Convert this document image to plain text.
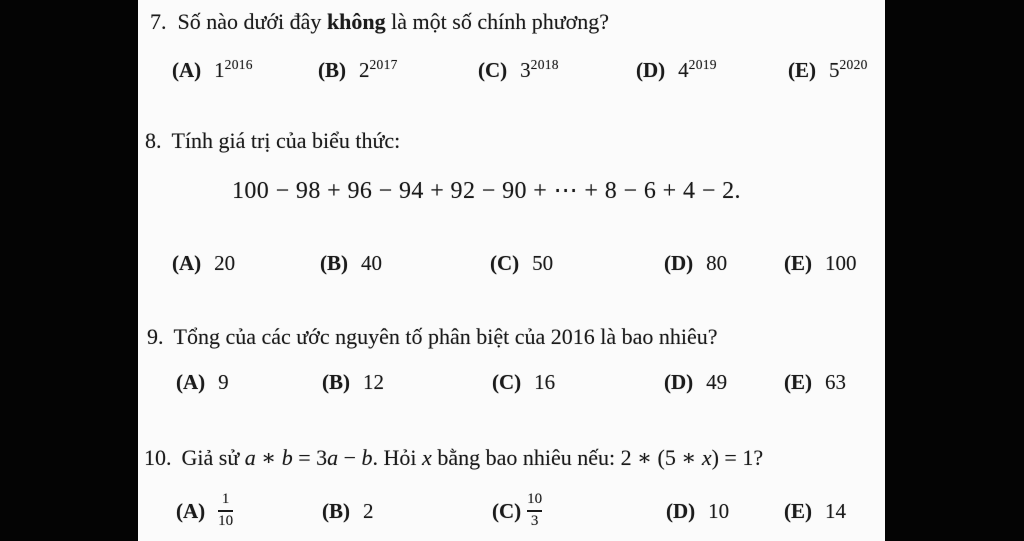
7. Số nào dưới đây không là một số chính phương?
(A) $1^{2016}$	(B) $2^{2017}$	(C) $3^{2018}$	(D) $4^{2019}$	(E) $5^{2020}$
8. Tính giá trị của biểu thức:
100 − 98 + 96 − 94 + 92 − 90 + ⋯ + 8 − 6 + 4 − 2.
(A) 20	(B) 40	(C) 50	(D) 80	(E) 100
9. Tổng của các ước nguyên tố phân biệt của 2016 là bao nhiêu?
(A) 9	(B) 12	(C) 16	(D) 49	(E) 63
10. Giả sử a ∗ b = 3a − b. Hỏi x bằng bao nhiêu nếu: 2 ∗ (5 ∗ x) = 1?
$(A) \frac{1}{10}$	(B) 2	$(C) \frac{10}{3}$	(D) 10	(E) 14
